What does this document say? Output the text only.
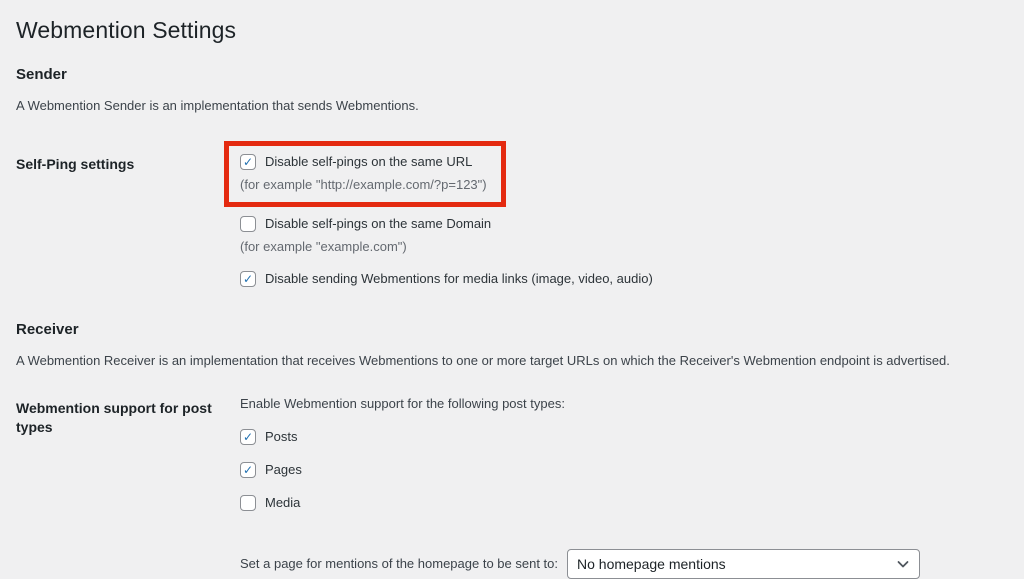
Webmention Settings
Sender

A Webmention Sender is an implementation that sends Webmentions.

Self-Ping settings	✓ Disable self-pings on the same URL
(for example "http://example.com/?p=123")
Disable self-pings on the same Domain
(for example "example.com")
✓ Disable sending Webmentions for media links (image, video, audio)
Receiver

A Webmention Receiver is an implementation that receives Webmentions to one or more target URLs on which the Receiver's Webmention endpoint is advertised.

Webmention support for post types
Enable Webmention support for the following post types:
✓ Posts
✓ Pages
Media
Set a page for mentions of the homepage to be sent to:
No homepage mentions
